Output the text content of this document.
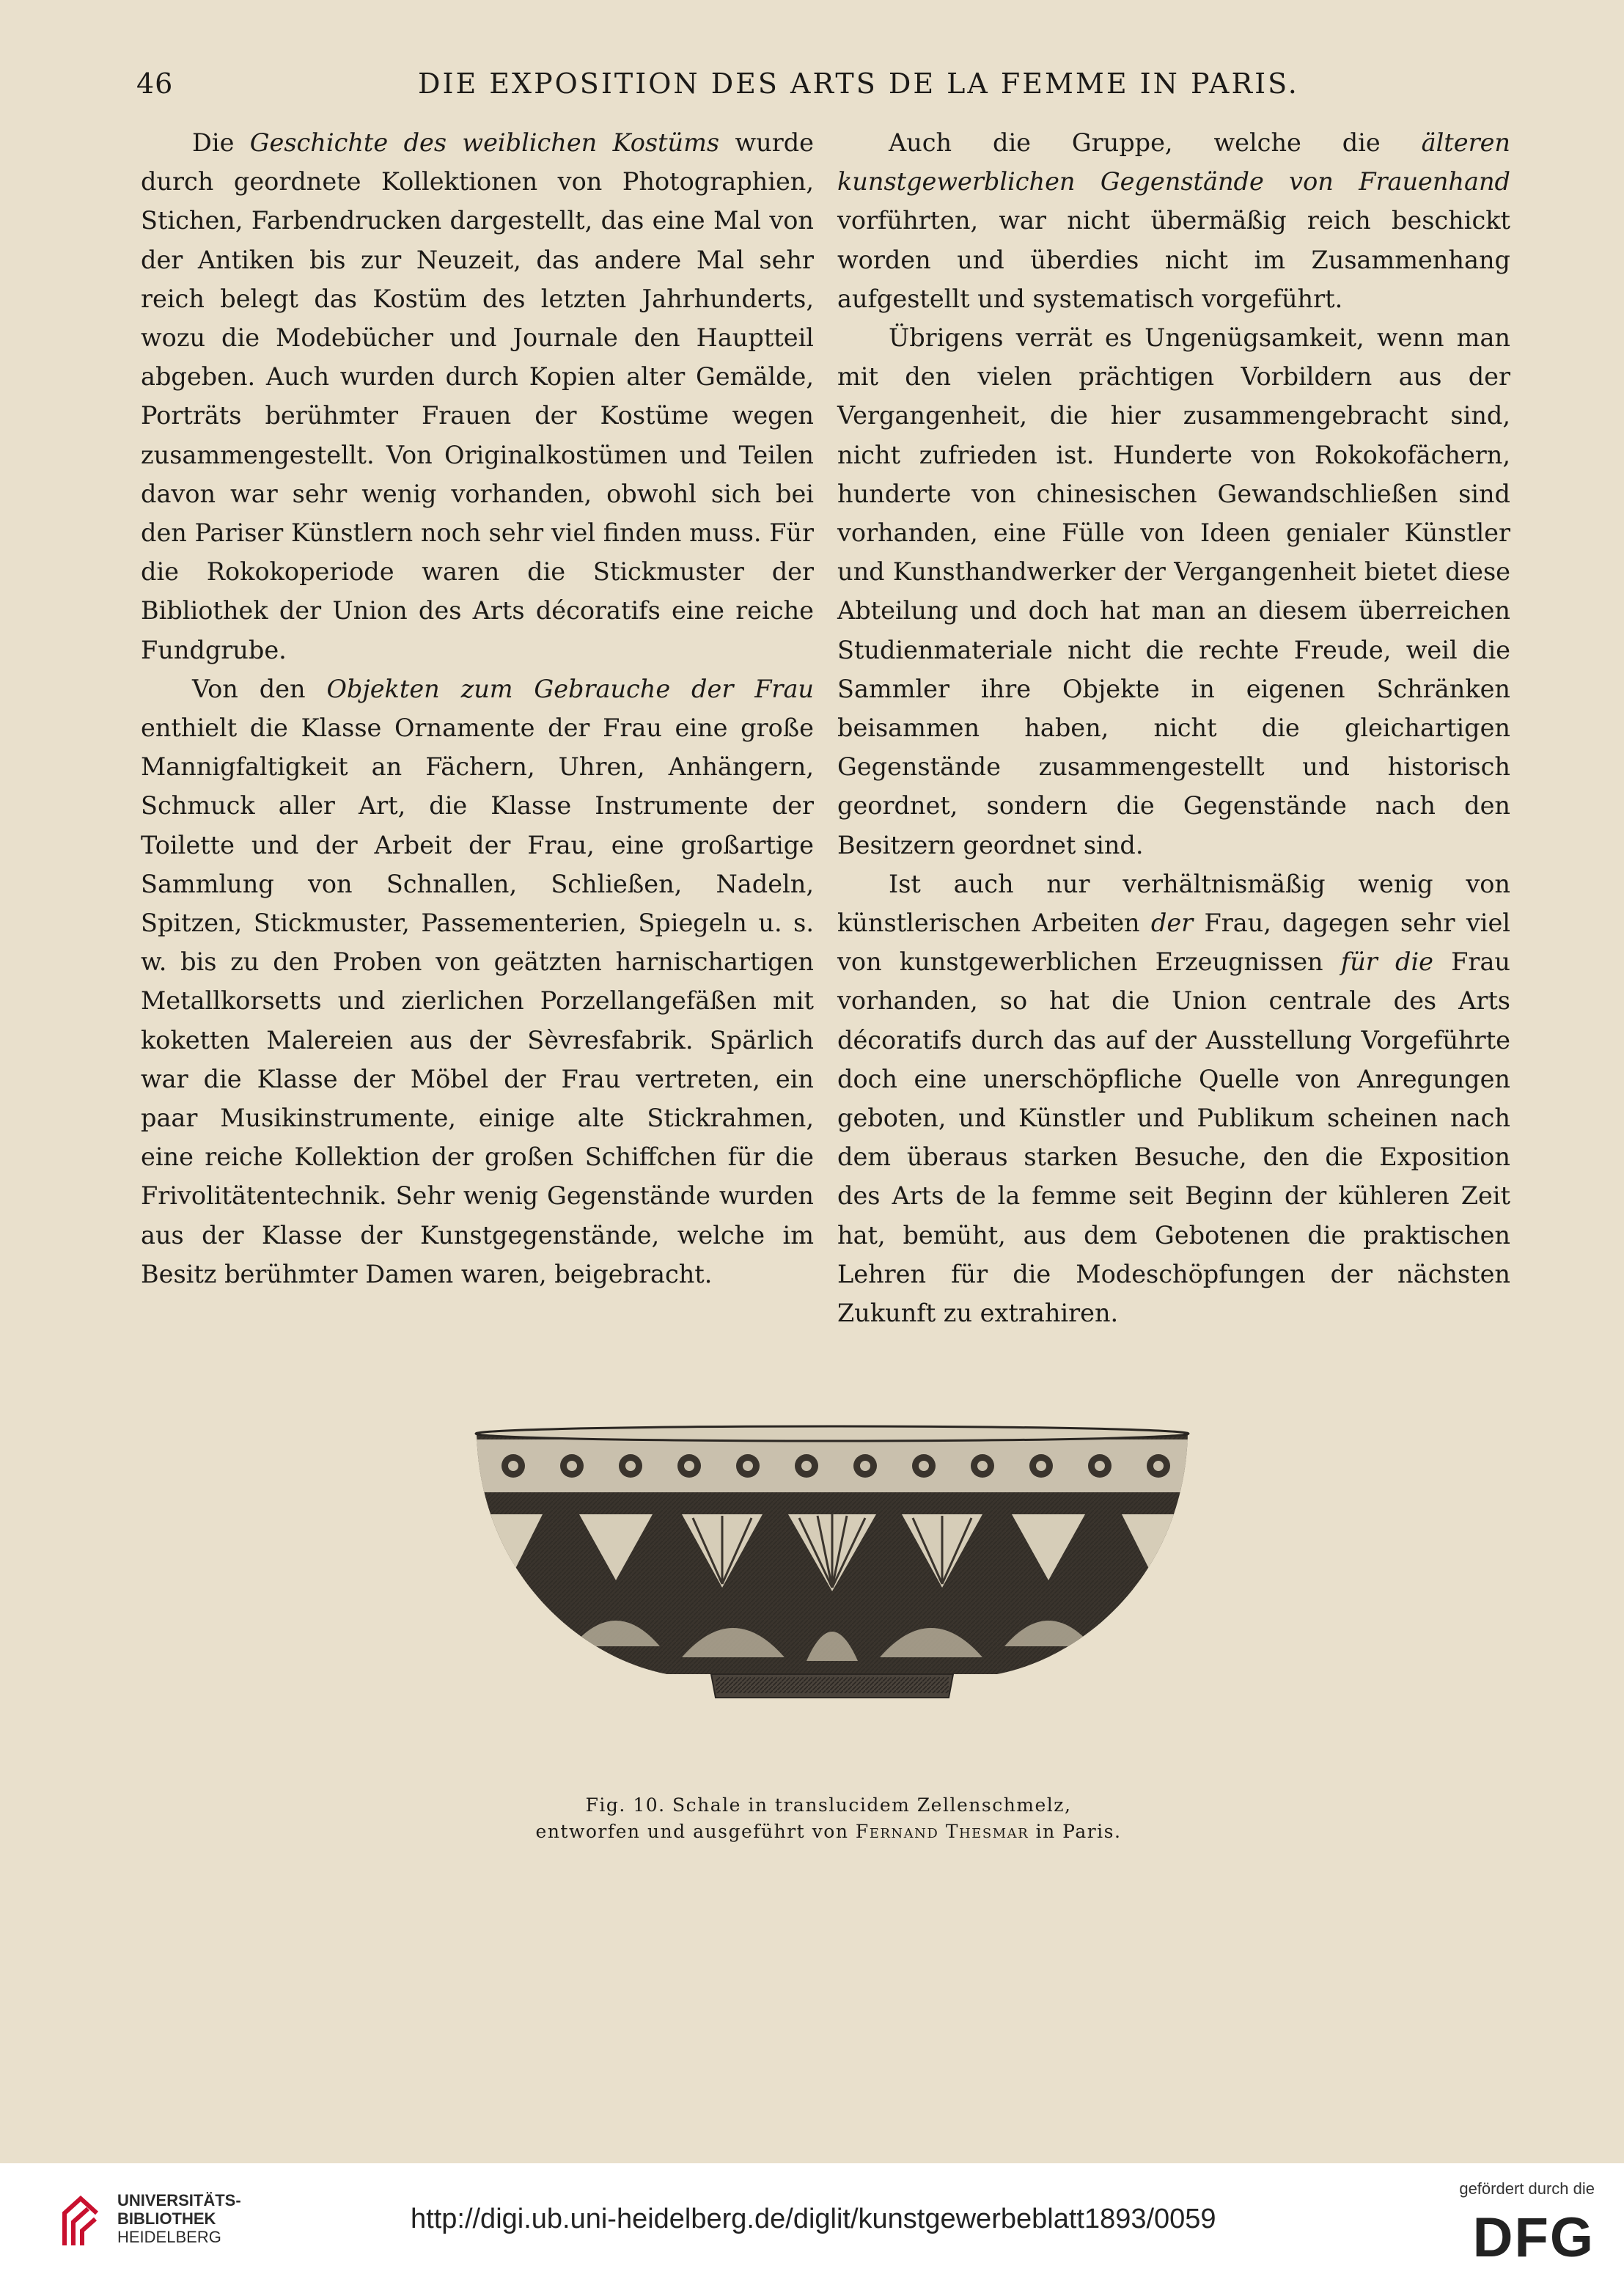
46	DIE EXPOSITION DES ARTS DE LA FEMME IN PARIS.

Die Geschichte des weiblichen Kostüms wurde durch geordnete Kollektionen von Photographien, Stichen, Farbendrucken dargestellt, das eine Mal von der Antiken bis zur Neuzeit, das andere Mal sehr reich belegt das Kostüm des letzten Jahrhunderts, wozu die Modebücher und Journale den Hauptteil abgeben. Auch wurden durch Kopien alter Gemälde, Porträts berühmter Frauen der Kostüme wegen zusammengestellt. Von Originalkostümen und Teilen davon war sehr wenig vorhanden, obwohl sich bei den Pariser Künstlern noch sehr viel finden muss. Für die Rokokoperiode waren die Stickmuster der Bibliothek der Union des Arts décoratifs eine reiche Fundgrube.

Von den Objekten zum Gebrauche der Frau enthielt die Klasse Ornamente der Frau eine große Mannigfaltigkeit an Fächern, Uhren, Anhängern, Schmuck aller Art, die Klasse Instrumente der Toilette und der Arbeit der Frau, eine großartige Sammlung von Schnallen, Schließen, Nadeln, Spitzen, Stickmuster, Passementerien, Spiegeln u. s. w. bis zu den Proben von geätzten harnischartigen Metallkorsetts und zierlichen Porzellangefäßen mit koketten Malereien aus der Sèvresfabrik. Spärlich war die Klasse der Möbel der Frau vertreten, ein paar Musikinstrumente, einige alte Stickrahmen, eine reiche Kollektion der großen Schiffchen für die Frivolitätentechnik. Sehr wenig Gegenstände wurden aus der Klasse der Kunstgegenstände, welche im Besitz berühmter Damen waren, beigebracht.

Auch die Gruppe, welche die älteren kunstgewerblichen Gegenstände von Frauenhand vorführten, war nicht übermäßig reich beschickt worden und überdies nicht im Zusammenhang aufgestellt und systematisch vorgeführt.

Übrigens verrät es Ungenügsamkeit, wenn man mit den vielen prächtigen Vorbildern aus der Vergangenheit, die hier zusammengebracht sind, nicht zufrieden ist. Hunderte von Rokokofächern, hunderte von chinesischen Gewandschließen sind vorhanden, eine Fülle von Ideen genialer Künstler und Kunsthandwerker der Vergangenheit bietet diese Abteilung und doch hat man an diesem überreichen Studienmateriale nicht die rechte Freude, weil die Sammler ihre Objekte in eigenen Schränken beisammen haben, nicht die gleichartigen Gegenstände zusammengestellt und historisch geordnet, sondern die Gegenstände nach den Besitzern geordnet sind.

Ist auch nur verhältnismäßig wenig von künstlerischen Arbeiten der Frau, dagegen sehr viel von kunstgewerblichen Erzeugnissen für die Frau vorhanden, so hat die Union centrale des Arts décoratifs durch das auf der Ausstellung Vorgeführte doch eine unerschöpfliche Quelle von Anregungen geboten, und Künstler und Publikum scheinen nach dem überaus starken Besuche, den die Exposition des Arts de la femme seit Beginn der kühleren Zeit hat, bemüht, aus dem Gebotenen die praktischen Lehren für die Modeschöpfungen der nächsten Zukunft zu extrahiren.

Fig. 10. Schale in translucidem Zellenschmelz,
entworfen und ausgeführt von Fernand Thesmar in Paris.
UNIVERSITÄTS-
BIBLIOTHEK
HEIDELBERG
http://digi.ub.uni-heidelberg.de/diglit/kunstgewerbeblatt1893/0059
gefördert durch die
DFG
